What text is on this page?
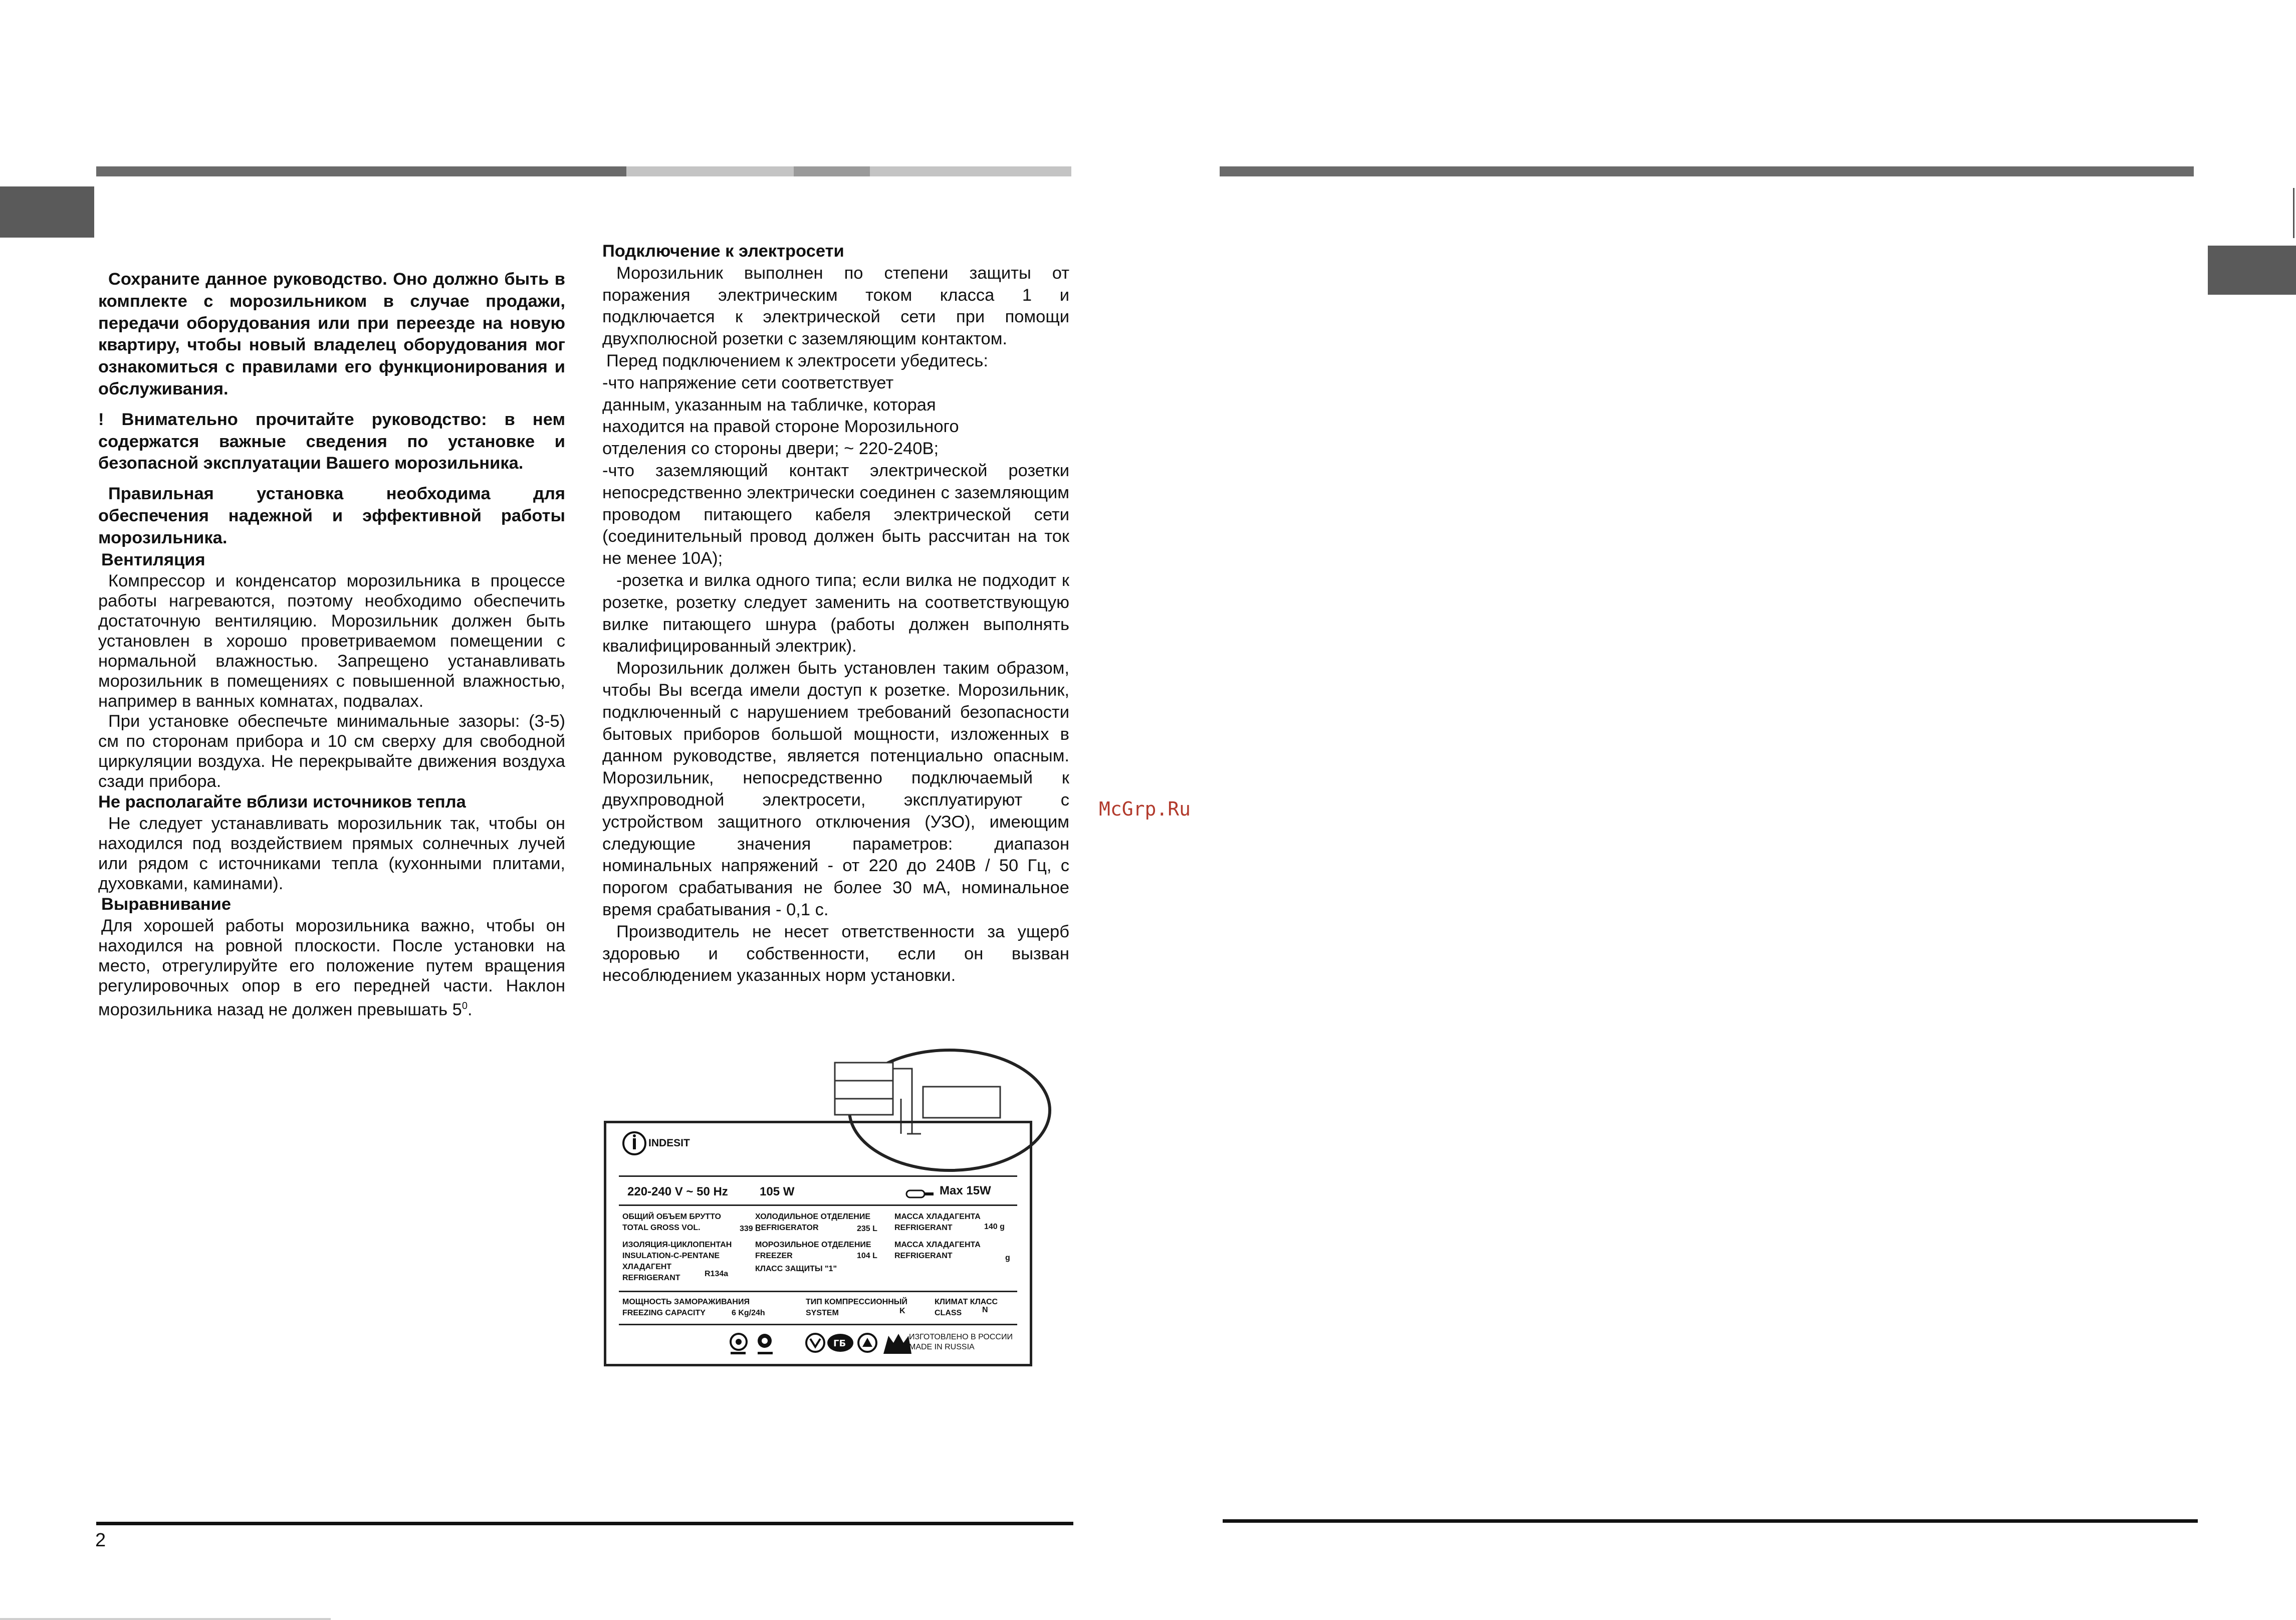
Сохраните данное руководство. Оно должно быть в комплекте с морозильником в случае продажи, передачи оборудования или при переезде на новую квартиру, чтобы новый владелец оборудования мог ознакомиться с правилами его функционирования и обслуживания.

! Внимательно прочитайте руководство: в нем содержатся важные сведения по установке и безопасной эксплуатации Вашего морозильника.

Правильная установка необходима для обеспечения надежной и эффективной работы морозильника.

Вентиляция

Компрессор и конденсатор морозильника в процессе работы нагреваются, поэтому необходимо обеспечить достаточную вентиляцию. Морозильник должен быть установлен в хорошо проветриваемом помещении с нормальной влажностью. Запрещено устанавливать морозильник в помещениях с повышенной влажностью, например в ванных комнатах, подвалах.

При установке обеспечьте минимальные зазоры: (3-5) см по сторонам прибора и 10 см сверху для свободной циркуляции воздуха. Не перекрывайте движения воздуха сзади прибора.

Не располагайте вблизи источников тепла

Не следует устанавливать морозильник так, чтобы он находился под воздействием прямых солнечных лучей или рядом с источниками тепла (кухонными плитами, духовками, каминами).

Выравнивание

Для хорошей работы морозильника важно, чтобы он находился на ровной плоскости. После установки на место, отрегулируйте его положение путем вращения регулировочных опор в его передней части. Наклон морозильника назад не должен превышать $5^0$.

Подключение к электросети

Морозильник выполнен по степени защиты от поражения электрическим током класса 1 и подключается к электрической сети при помощи двухполюсной розетки с заземляющим контактом.

Перед подключением к электросети убедитесь:

-что напряжение сети соответствует

данным, указанным на табличке, которая

находится на правой стороне Морозильного

отделения со стороны двери; ~ 220-240В;

-что заземляющий контакт электрической розетки непосредственно электрически соединен с заземляющим проводом питающего кабеля электрической сети (соединительный провод должен быть рассчитан на ток не менее 10А);

-розетка и вилка одного типа; если вилка не подходит к розетке, розетку следует заменить на соответствующую вилке питающего шнура (работы должен выполнять квалифицированный электрик).

Морозильник должен быть установлен таким образом, чтобы Вы всегда имели доступ к розетке. Морозильник, подключенный с нарушением требований безопасности бытовых приборов большой мощности, изложенных в данном руководстве, является потенциально опасным. Морозильник, непосредственно подключаемый к двухпроводной электросети, эксплуатируют с устройством защитного отключения (УЗО), имеющим следующие значения параметров: диапазон номинальных напряжений - от 220 до 240В / 50 Гц, с порогом срабатывания не более 30 мА, номинальное время срабатывания - 0,1 с.

Производитель не несет ответственности за ущерб здоровью и собственности, если он вызван несоблюдением указанных норм установки.

INDESIT
220-240 V ~ 50 Hz	105 W	Max 15W
ОБЩИЙ ОБЪЕМ БРУТТО
TOTAL GROSS VOL.	339 L
ХОЛОДИЛЬНОЕ ОТДЕЛЕНИЕ
REFRIGERATOR	235 L
МАССА ХЛАДАГЕНТА
REFRIGERANT	140 g
ИЗОЛЯЦИЯ-ЦИКЛОПЕНТАН
INSULATION-C-PENTANE
ХЛАДАГЕНТ
REFRIGERANT	R134a
МОРОЗИЛЬНОЕ ОТДЕЛЕНИЕ
FREEZER	104 L
КЛАСС ЗАЩИТЫ "1"
МАССА ХЛАДАГЕНТА
REFRIGERANT	g
МОЩНОСТЬ ЗАМОРАЖИВАНИЯ
FREEZING CAPACITY	6 Kg/24h
ТИП КОМПРЕССИОННЫЙ
SYSTEM	K
КЛИМАТ КЛАСС
CLASS	N
ГБ
ИЗГОТОВЛЕНО В РОССИИ
MADE IN RUSSIA
McGrp.Ru
2
